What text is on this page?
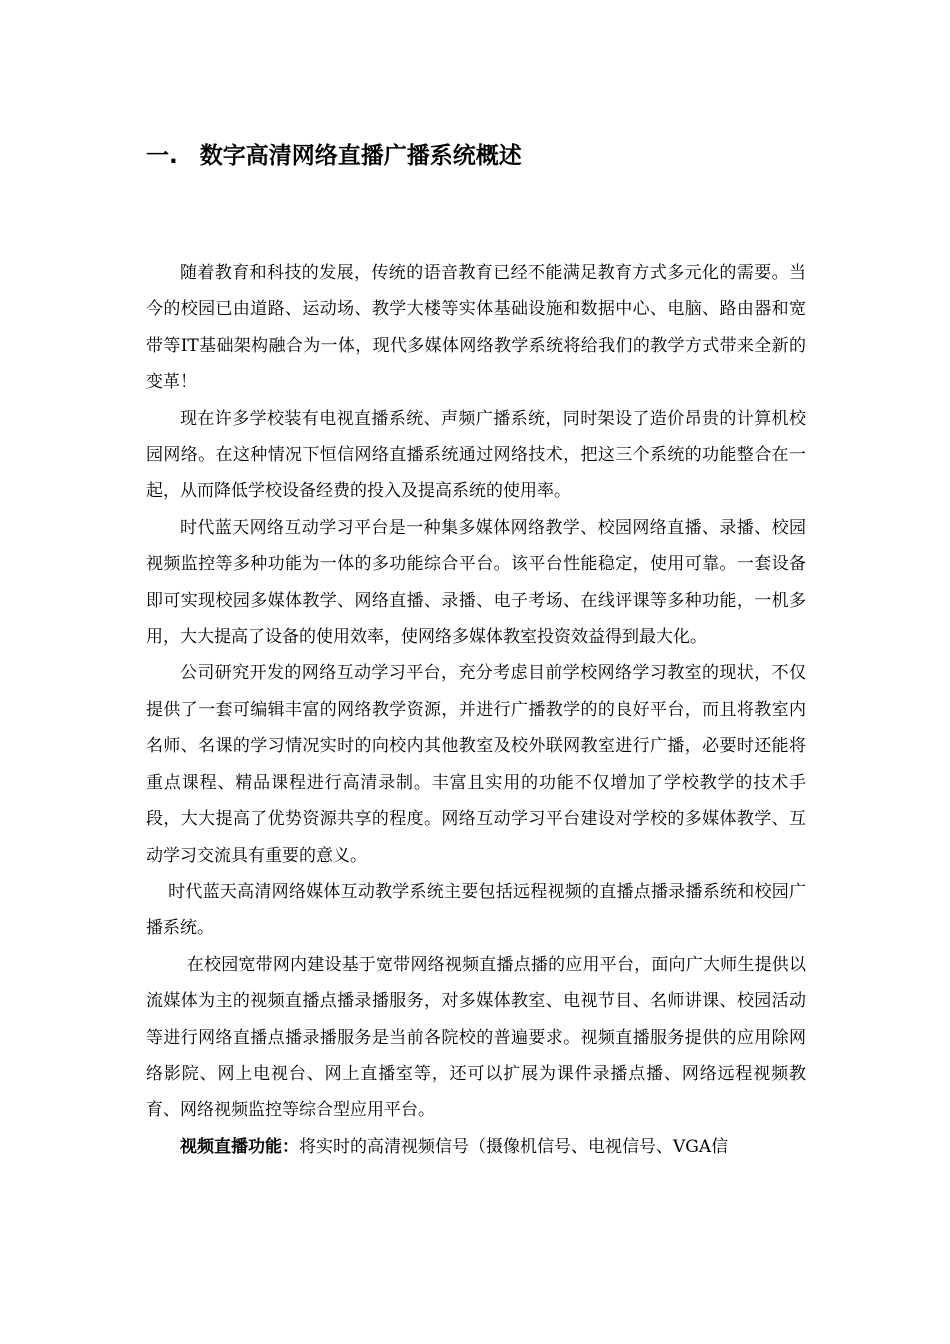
一. 数字高清网络直播广播系统概述

随着教育和科技的发展，传统的语音教育已经不能满足教育方式多元化的需要。当今的校园已由道路、运动场、教学大楼等实体基础设施和数据中心、电脑、路由器和宽带等IT基础架构融合为一体，现代多媒体网络教学系统将给我们的教学方式带来全新的变革！

现在许多学校装有电视直播系统、声频广播系统，同时架设了造价昂贵的计算机校园网络。在这种情况下恒信网络直播系统通过网络技术，把这三个系统的功能整合在一起，从而降低学校设备经费的投入及提高系统的使用率。

时代蓝天网络互动学习平台是一种集多媒体网络教学、校园网络直播、录播、校园视频监控等多种功能为一体的多功能综合平台。该平台性能稳定，使用可靠。一套设备即可实现校园多媒体教学、网络直播、录播、电子考场、在线评课等多种功能，一机多用，大大提高了设备的使用效率，使网络多媒体教室投资效益得到最大化。

公司研究开发的网络互动学习平台，充分考虑目前学校网络学习教室的现状，不仅提供了一套可编辑丰富的网络教学资源，并进行广播教学的的良好平台，而且将教室内名师、名课的学习情况实时的向校内其他教室及校外联网教室进行广播，必要时还能将重点课程、精品课程进行高清录制。丰富且实用的功能不仅增加了学校教学的技术手段，大大提高了优势资源共享的程度。网络互动学习平台建设对学校的多媒体教学、互动学习交流具有重要的意义。

时代蓝天高清网络媒体互动教学系统主要包括远程视频的直播点播录播系统和校园广播系统。

在校园宽带网内建设基于宽带网络视频直播点播的应用平台，面向广大师生提供以流媒体为主的视频直播点播录播服务，对多媒体教室、电视节目、名师讲课、校园活动等进行网络直播点播录播服务是当前各院校的普遍要求。视频直播服务提供的应用除网络影院、网上电视台、网上直播室等，还可以扩展为课件录播点播、网络远程视频教育、网络视频监控等综合型应用平台。

视频直播功能：将实时的高清视频信号（摄像机信号、电视信号、VGA信
